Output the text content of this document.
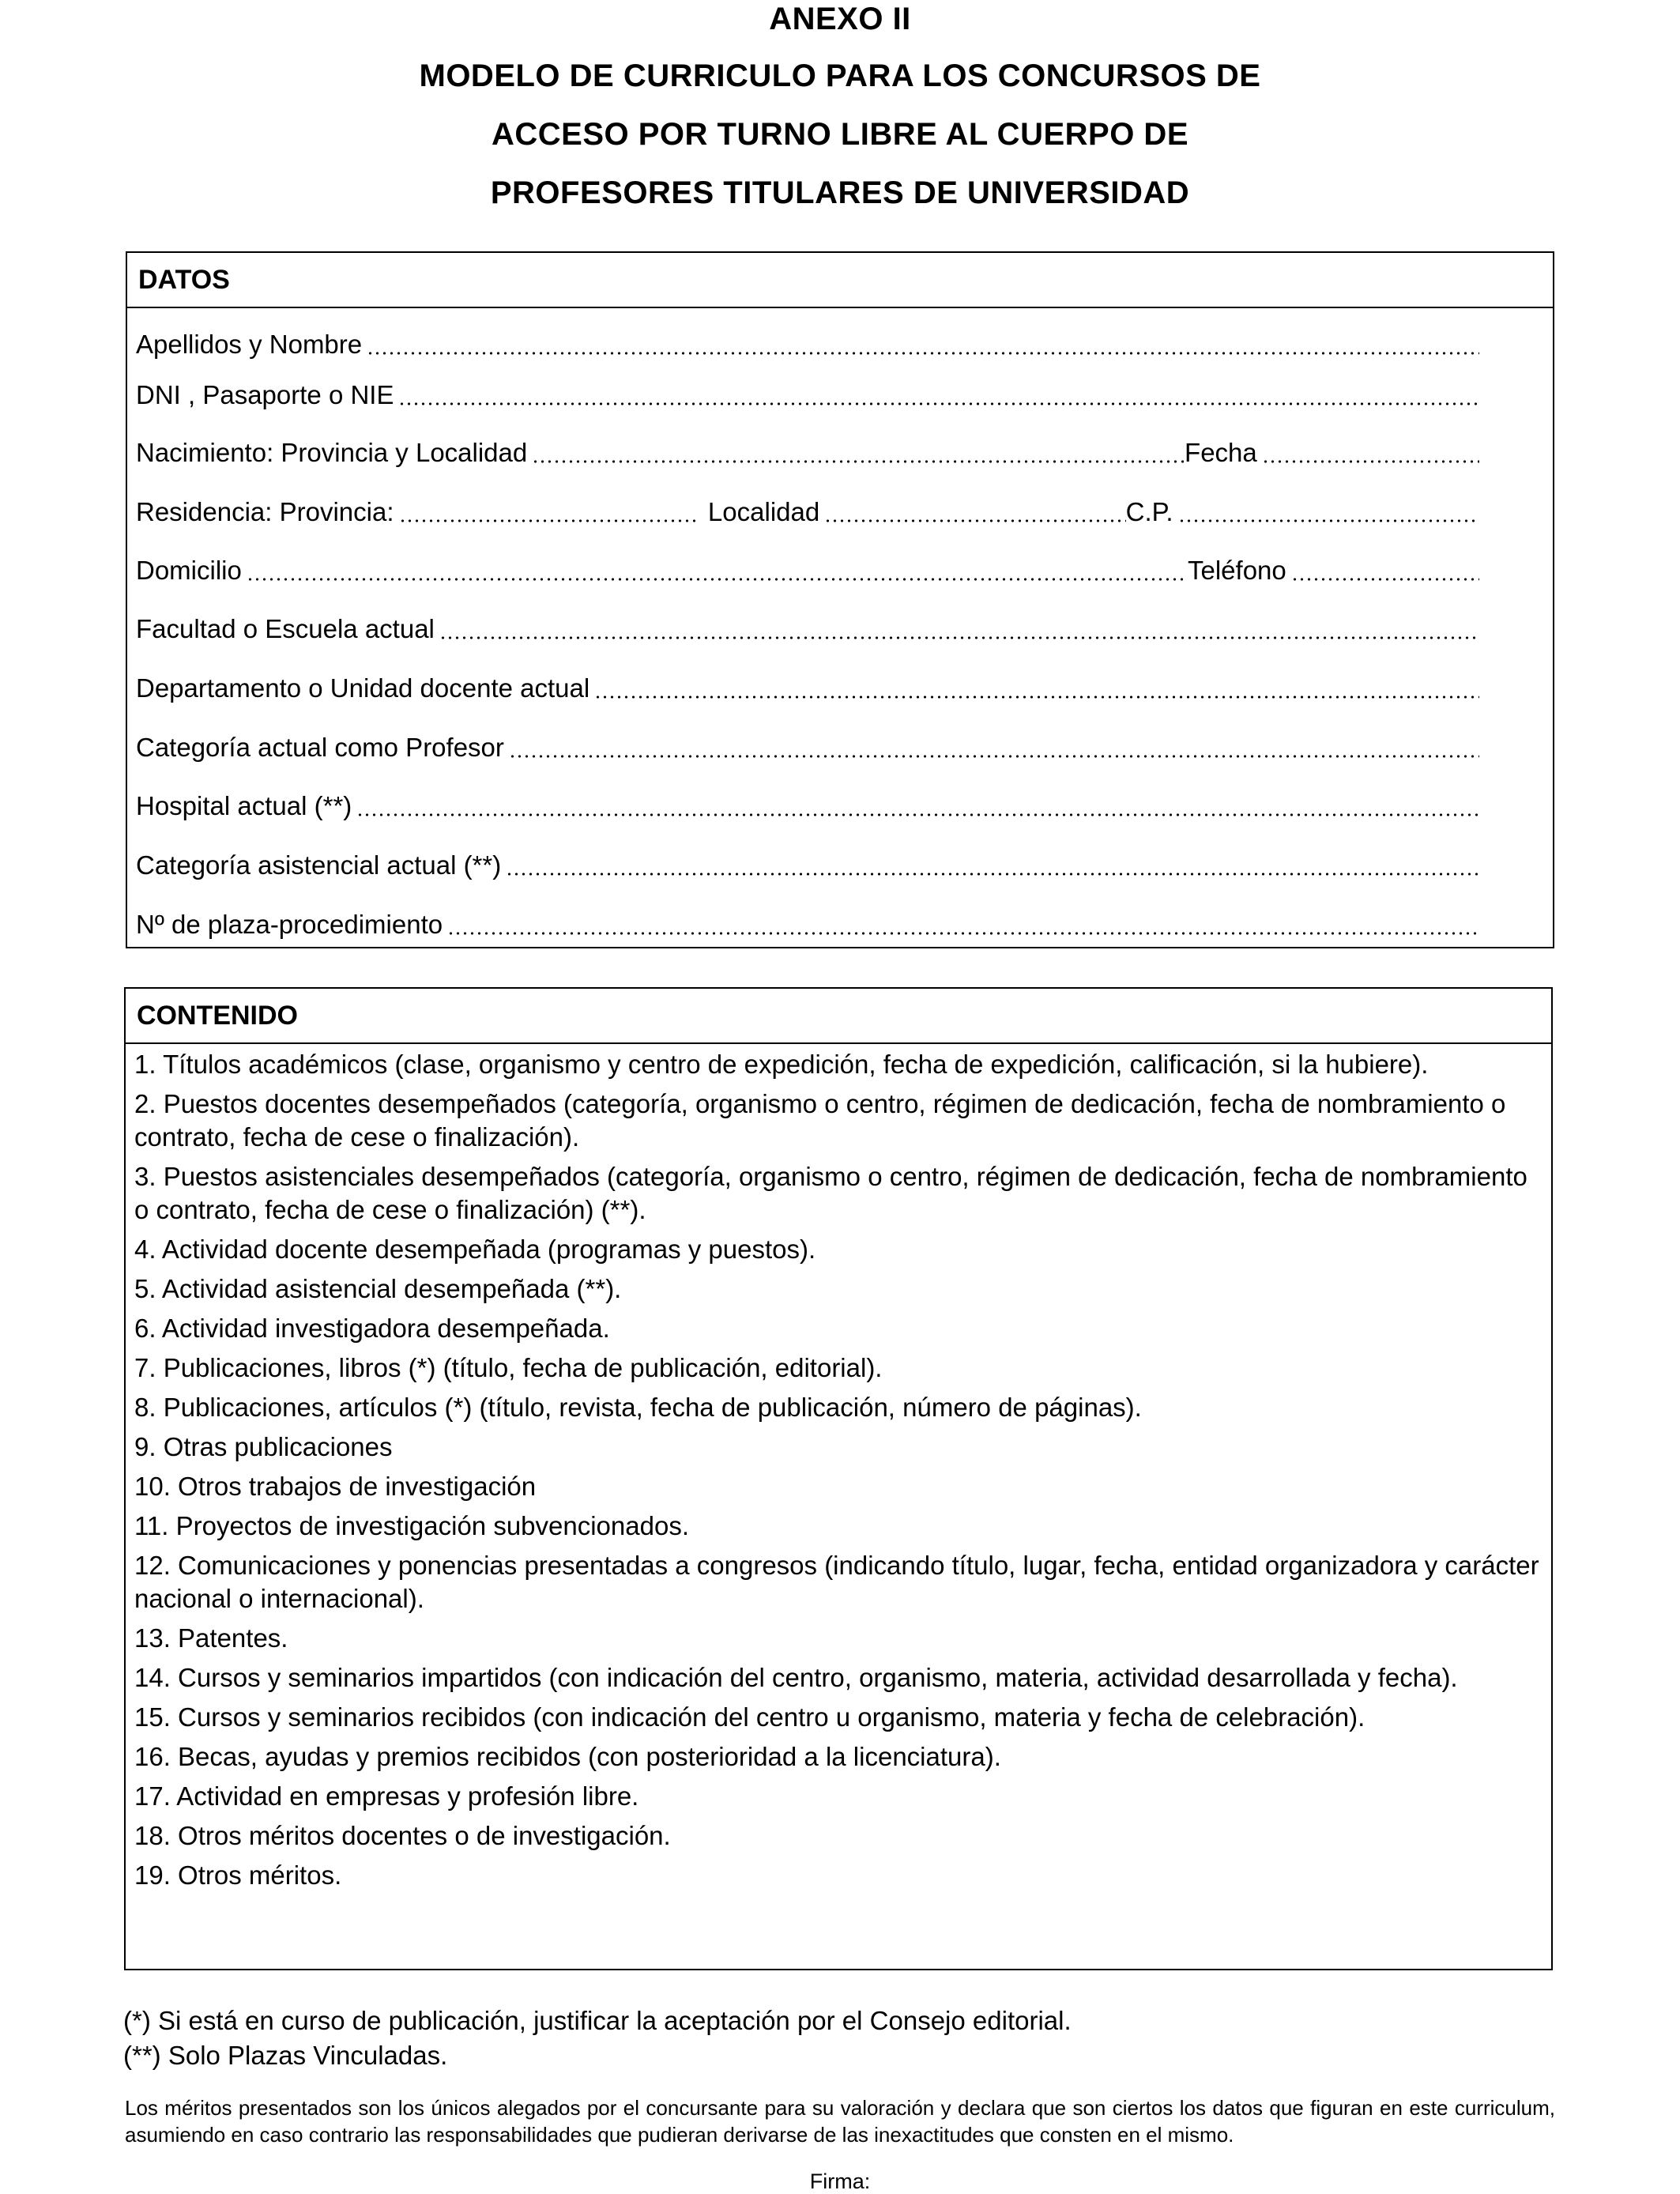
ANEXO II
MODELO DE CURRICULO PARA LOS CONCURSOS DE
ACCESO POR TURNO LIBRE AL CUERPO DE
PROFESORES TITULARES DE UNIVERSIDAD
DATOS
Apellidos y Nombre
DNI , Pasaporte o NIE
Nacimiento: Provincia y Localidad	Fecha
Residencia: Provincia:	Localidad	C.P.
Domicilio	Teléfono
Facultad o Escuela actual
Departamento o Unidad docente actual
Categoría actual como Profesor
Hospital actual (**)
Categoría asistencial actual (**)
Nº de plaza-procedimiento
CONTENIDO

1. Títulos académicos (clase, organismo y centro de expedición, fecha de expedición, calificación, si la hubiere).

2. Puestos docentes desempeñados (categoría, organismo o centro, régimen de dedicación, fecha de nombramiento o contrato, fecha de cese o finalización).

3. Puestos asistenciales desempeñados (categoría, organismo o centro, régimen de dedicación, fecha de nombramiento o contrato, fecha de cese o finalización) (**).

4. Actividad docente desempeñada (programas y puestos).

5. Actividad asistencial desempeñada (**).

6. Actividad investigadora desempeñada.

7. Publicaciones, libros (*) (título, fecha de publicación, editorial).

8. Publicaciones, artículos (*) (título, revista, fecha de publicación, número de páginas).

9. Otras publicaciones

10. Otros trabajos de investigación

11. Proyectos de investigación subvencionados.

12. Comunicaciones y ponencias presentadas a congresos (indicando título, lugar, fecha, entidad organizadora y carácter nacional o internacional).

13. Patentes.

14. Cursos y seminarios impartidos (con indicación del centro, organismo, materia, actividad desarrollada y fecha).

15. Cursos y seminarios recibidos (con indicación del centro u organismo, materia y fecha de celebración).

16. Becas, ayudas y premios recibidos (con posterioridad a la licenciatura).

17. Actividad en empresas y profesión libre.

18. Otros méritos docentes o de investigación.

19. Otros méritos.

(*) Si está en curso de publicación, justificar la aceptación por el Consejo editorial.
(**) Solo Plazas Vinculadas.
Los méritos presentados son los únicos alegados por el concursante para su valoración y declara que son ciertos los datos que figuran en este curriculum, asumiendo en caso contrario las responsabilidades que pudieran derivarse de las inexactitudes que consten en el mismo.
Firma:
